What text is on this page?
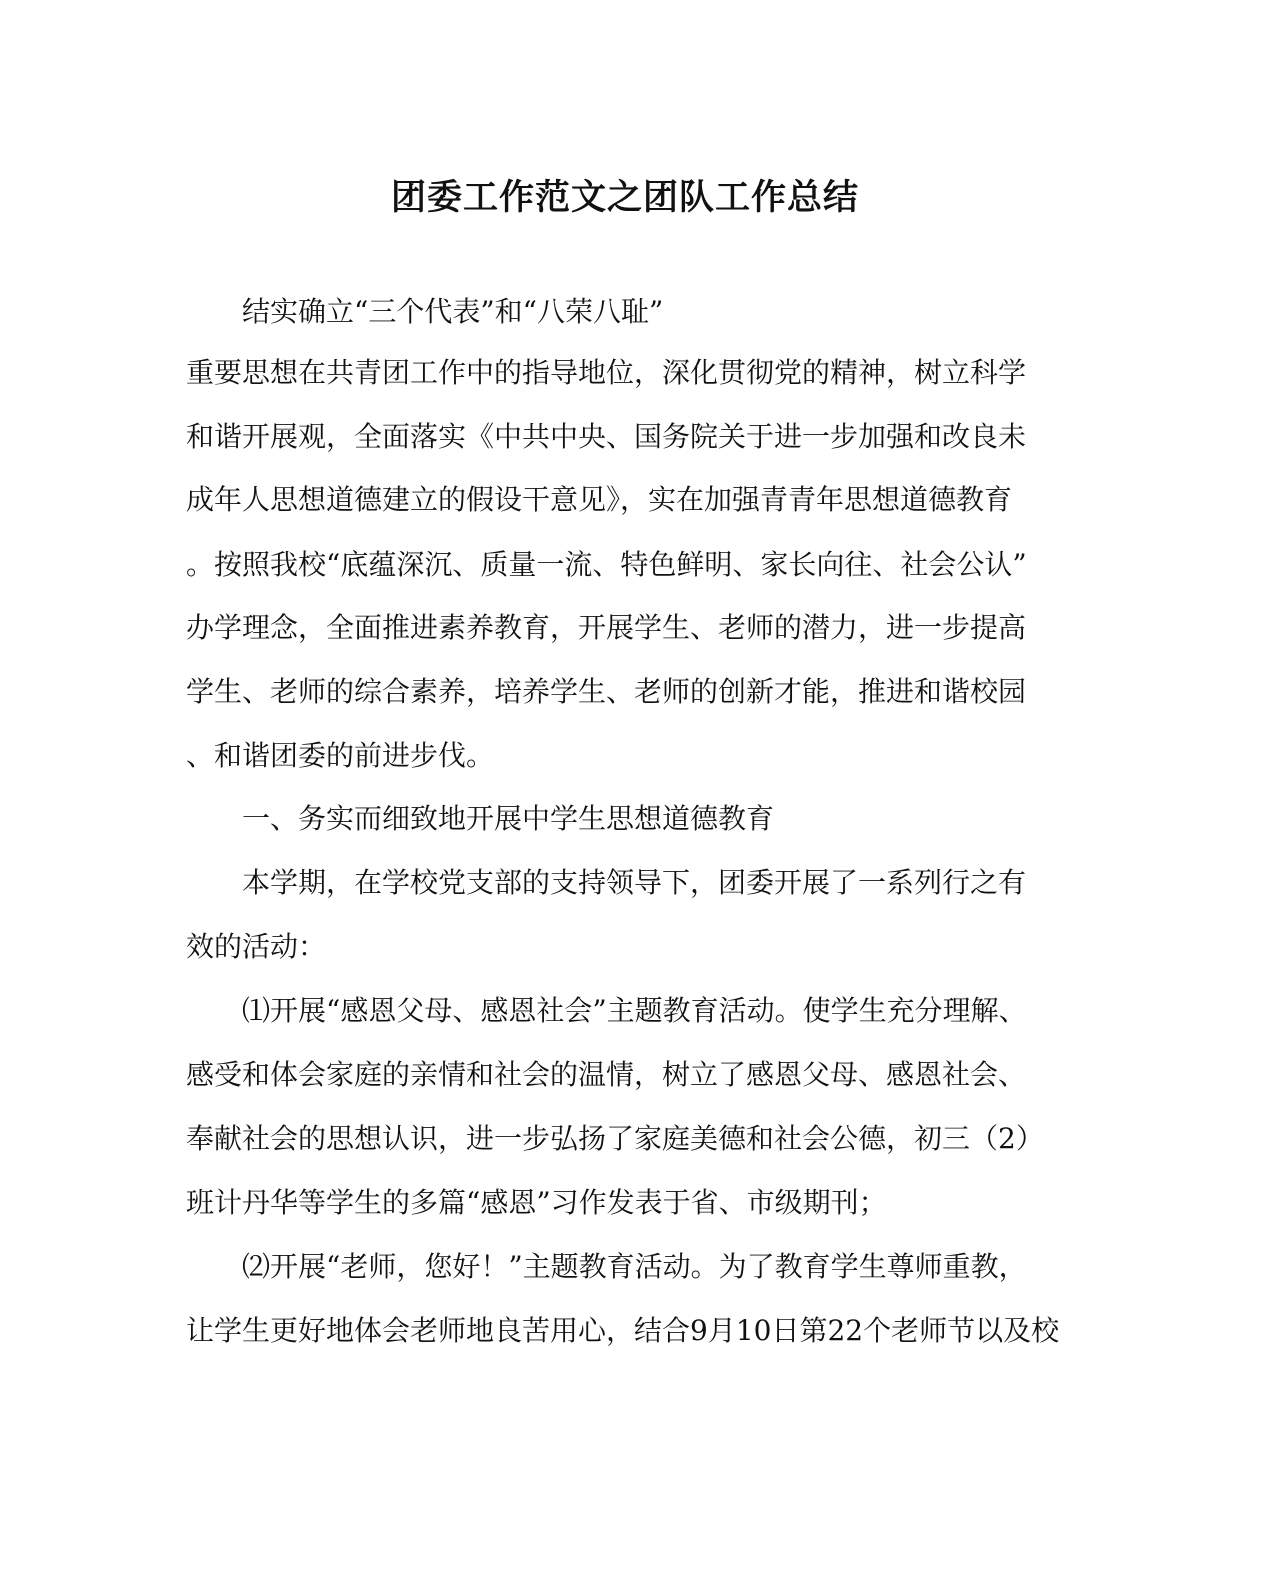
团委工作范文之团队工作总结
结实确立“三个代表”和“八荣八耻”
重要思想在共青团工作中的指导地位，深化贯彻党的精神，树立科学
和谐开展观，全面落实《中共中央、国务院关于进一步加强和改良未
成年人思想道德建立的假设干意见》，实在加强青青年思想道德教育
。按照我校“底蕴深沉、质量一流、特色鲜明、家长向往、社会公认”
办学理念，全面推进素养教育，开展学生、老师的潜力，进一步提高
学生、老师的综合素养，培养学生、老师的创新才能，推进和谐校园
、和谐团委的前进步伐。
一、务实而细致地开展中学生思想道德教育
本学期，在学校党支部的支持领导下，团委开展了一系列行之有
效的活动：
⑴开展“感恩父母、感恩社会”主题教育活动。使学生充分理解、
感受和体会家庭的亲情和社会的温情，树立了感恩父母、感恩社会、
奉献社会的思想认识，进一步弘扬了家庭美德和社会公德，初三（2）
班计丹华等学生的多篇“感恩”习作发表于省、市级期刊；
⑵开展“老师，您好！”主题教育活动。为了教育学生尊师重教，
让学生更好地体会老师地良苦用心，结合9月10日第22个老师节以及校
